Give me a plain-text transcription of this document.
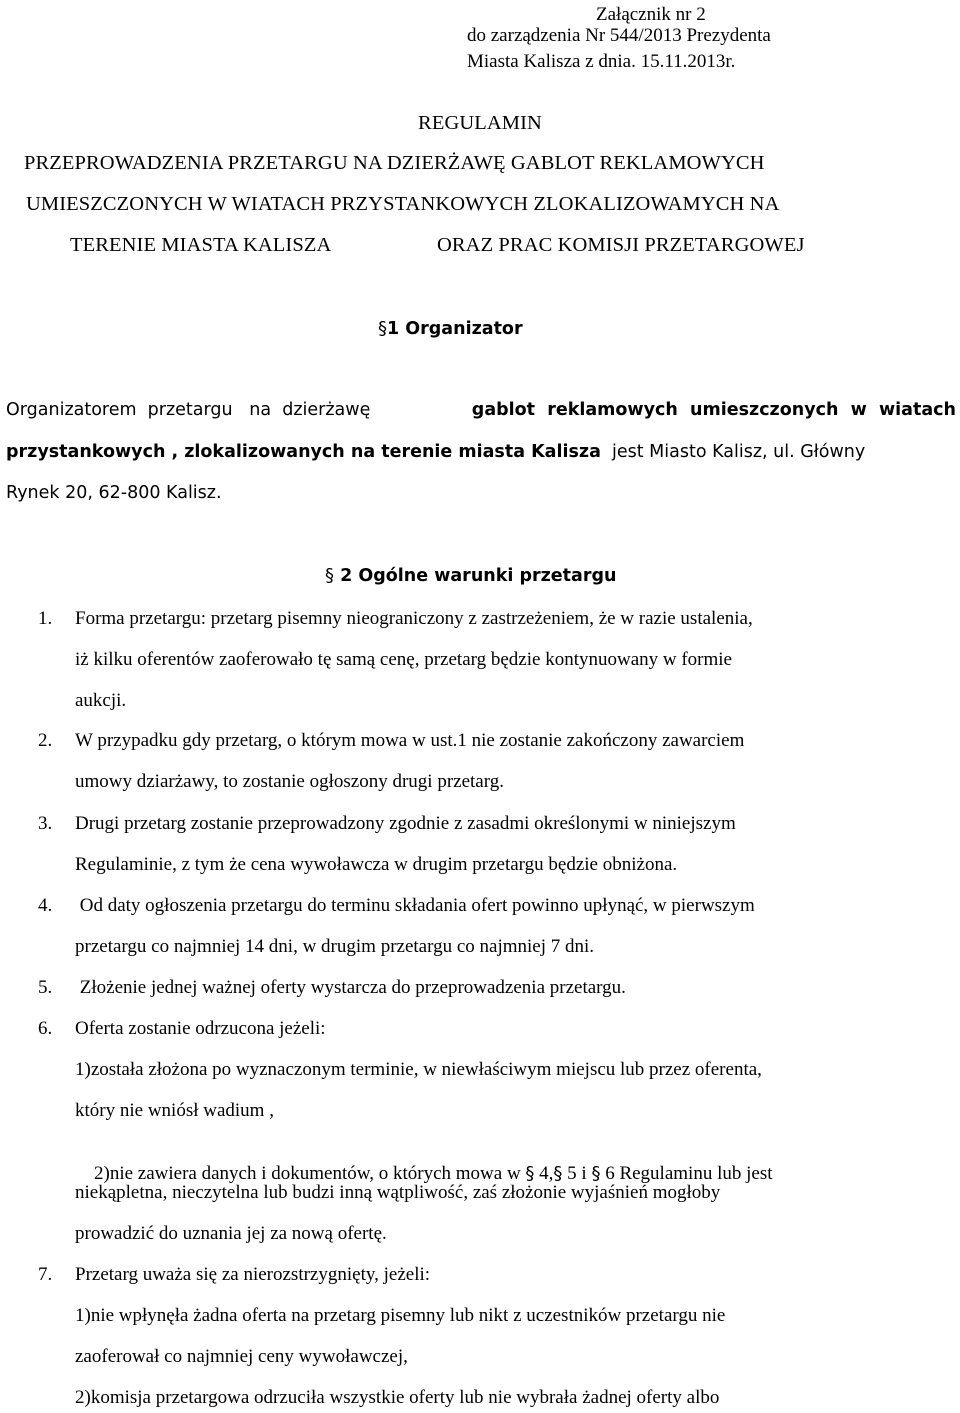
Załącznik nr 2
do zarządzenia Nr 544/2013 Prezydenta
Miasta Kalisza z dnia. 15.11.2013r.
REGULAMIN
PRZEPROWADZENIA PRZETARGU NA DZIERŻAWĘ GABLOT REKLAMOWYCH
UMIESZCZONYCH W WIATACH PRZYSTANKOWYCH ZLOKALIZOWAMYCH NA
TERENIE MIASTA KALISZA	ORAZ PRAC KOMISJI PRZETARGOWEJ
§1 Organizator
Organizatorem  przetargu   na  dzierżawę	gablot  reklamowych  umieszczonych  w  wiatach
przystankowych , zlokalizowanych na terenie miasta Kalisza  jest Miasto Kalisz, ul. Główny
Rynek 20, 62-800 Kalisz.
§ 2 Ogólne warunki przetargu
1. Forma przetargu: przetarg pisemny nieograniczony z zastrzeżeniem, że w razie ustalenia,
iż kilku oferentów zaoferowało tę samą cenę, przetarg będzie kontynuowany w formie
aukcji.
2. W przypadku gdy przetarg, o którym mowa w ust.1 nie zostanie zakończony zawarciem
umowy dziarżawy, to zostanie ogłoszony drugi przetarg.
3. Drugi przetarg zostanie przeprowadzony zgodnie z zasadmi określonymi w niniejszym
Regulaminie, z tym że cena wywoławcza w drugim przetargu będzie obniżona.
4. Od daty ogłoszenia przetargu do terminu składania ofert powinno upłynąć, w pierwszym
przetargu co najmniej 14 dni, w drugim przetargu co najmniej 7 dni.
5. Złożenie jednej ważnej oferty wystarcza do przeprowadzenia przetargu.
6. Oferta zostanie odrzucona jeżeli:
1)została złożona po wyznaczonym terminie, w niewłaściwym miejscu lub przez oferenta,
który nie wniósł wadium ,

2)nie zawiera danych i dokumentów, o których mowa w § 4,§ 5 i § 6 Regulaminu lub jest

niekąpletna, nieczytelna lub budzi inną wątpliwość, zaś złożonie wyjaśnień mogłoby
prowadzić do uznania jej za nową ofertę.
7. Przetarg uważa się za nierozstrzygnięty, jeżeli:
1)nie wpłynęła żadna oferta na przetarg pisemny lub nikt z uczestników przetargu nie
zaoferował co najmniej ceny wywoławczej,
2)komisja przetargowa odrzuciła wszystkie oferty lub nie wybrała żadnej oferty albo
